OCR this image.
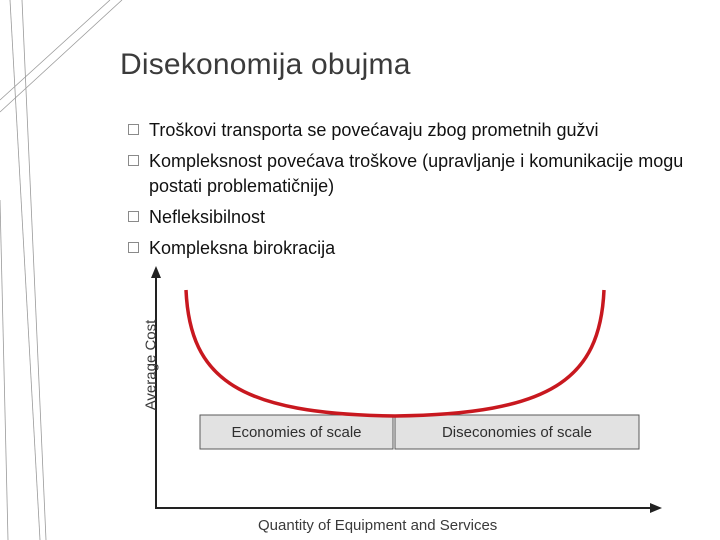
Disekonomija obujma
Troškovi transporta se povećavaju zbog prometnih gužvi
Kompleksnost povećava troškove (upravljanje i komunikacije mogu postati problematičnije)
Nefleksibilnost
Kompleksna birokracija
Economies of scale	Diseconomies of scale
Average Cost
Quantity of Equipment and Services
